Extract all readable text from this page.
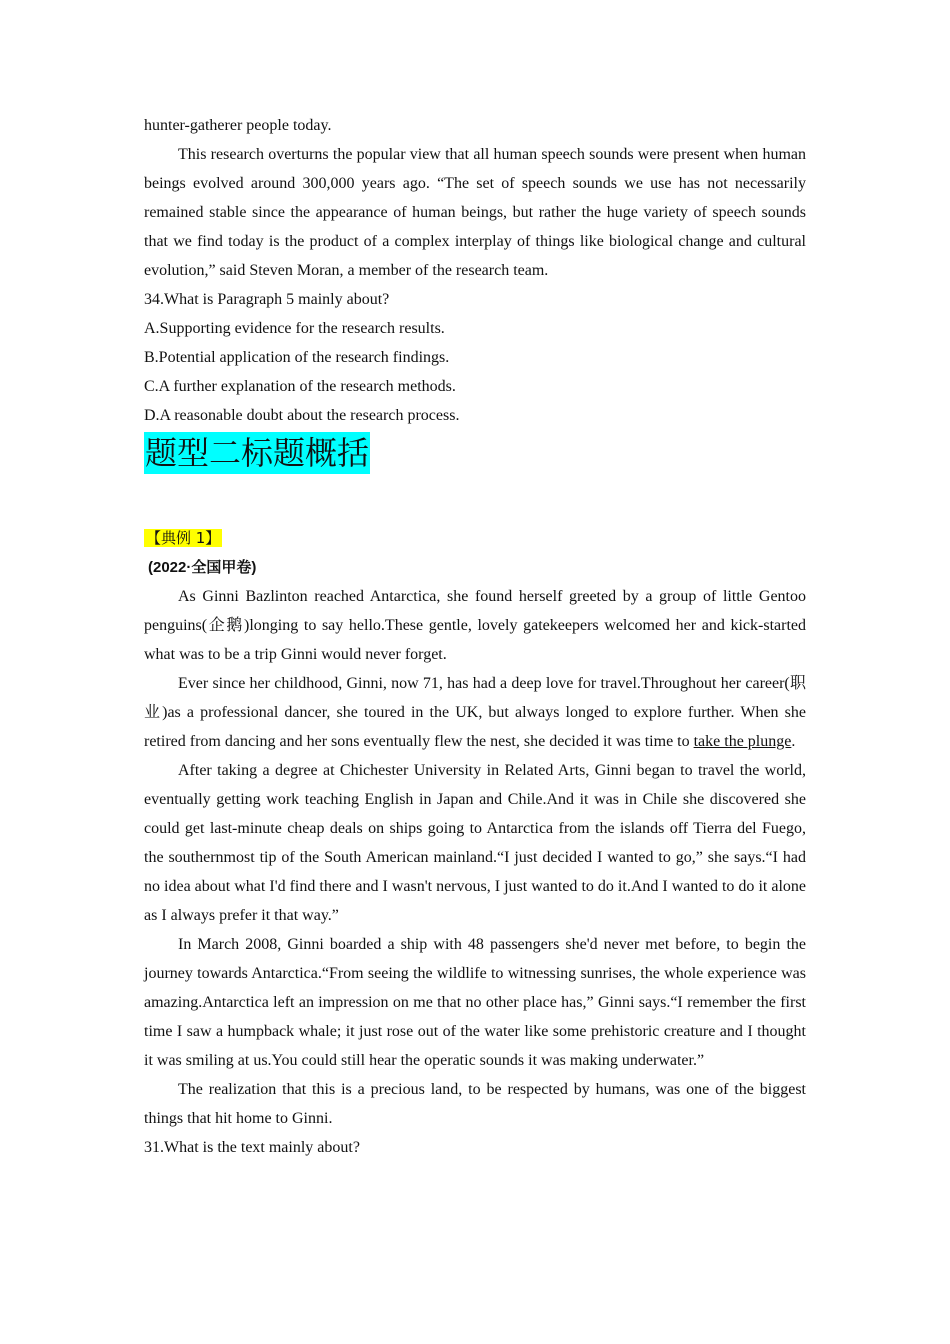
hunter-gatherer people today.

This research overturns the popular view that all human speech sounds were present when human beings evolved around 300,000 years ago. “The set of speech sounds we use has not necessarily remained stable since the appearance of human beings, but rather the huge variety of speech sounds that we find today is the product of a complex interplay of things like biological change and cultural evolution,” said Steven Moran, a member of the research team.

34.What is Paragraph 5 mainly about?

A.Supporting evidence for the research results.

B.Potential application of the research findings.

C.A further explanation of the research methods.

D.A reasonable doubt about the research process.

题型二标题概括

【典例 1】

(2022·全国甲卷)

As Ginni Bazlinton reached Antarctica, she found herself greeted by a group of little Gentoo penguins(企鹅)longing to say hello.These gentle, lovely gatekeepers welcomed her and kick-started what was to be a trip Ginni would never forget.

Ever since her childhood, Ginni, now 71, has had a deep love for travel.Throughout her career(职业)as a professional dancer, she toured in the UK, but always longed to explore further. When she retired from dancing and her sons eventually flew the nest, she decided it was time to take the plunge.

After taking a degree at Chichester University in Related Arts, Ginni began to travel the world, eventually getting work teaching English in Japan and Chile.And it was in Chile she discovered she could get last-minute cheap deals on ships going to Antarctica from the islands off Tierra del Fuego, the southernmost tip of the South American mainland.“I just decided I wanted to go,” she says.“I had no idea about what I'd find there and I wasn't nervous, I just wanted to do it.And I wanted to do it alone as I always prefer it that way.”

In March 2008, Ginni boarded a ship with 48 passengers she'd never met before, to begin the journey towards Antarctica.“From seeing the wildlife to witnessing sunrises, the whole experience was amazing.Antarctica left an impression on me that no other place has,” Ginni says.“I remember the first time I saw a humpback whale; it just rose out of the water like some prehistoric creature and I thought it was smiling at us.You could still hear the operatic sounds it was making underwater.”

The realization that this is a precious land, to be respected by humans, was one of the biggest things that hit home to Ginni.

31.What is the text mainly about?
